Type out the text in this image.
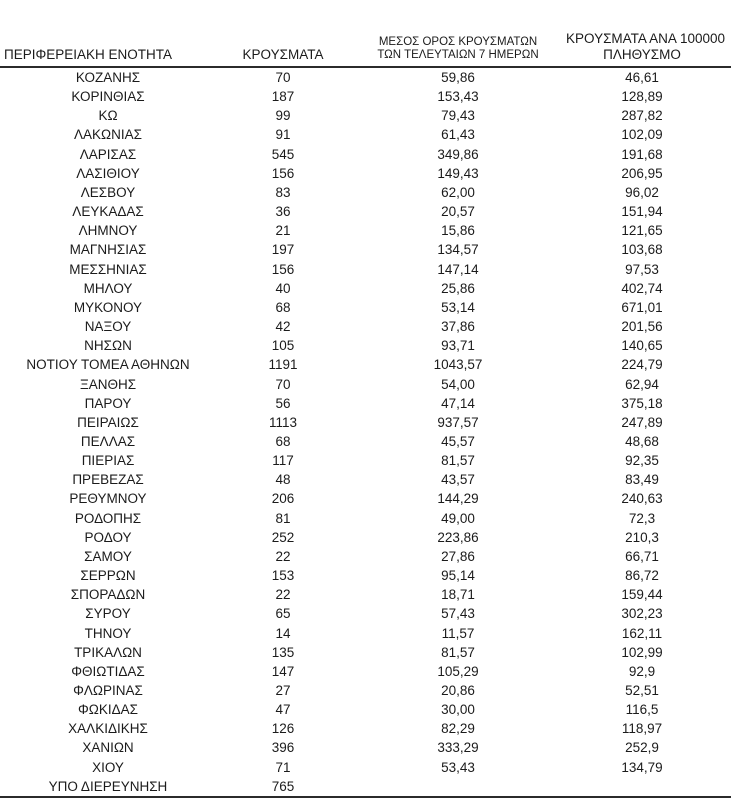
ΠΕΡΙΦΕΡΕΙΑΚΗ ΕΝΟΤΗΤΑ	ΚΡΟΥΣΜΑΤΑ	ΜΕΣΟΣ ΟΡΟΣ ΚΡΟΥΣΜΑΤΩΝ
ΤΩΝ ΤΕΛΕΥΤΑΙΩΝ 7 ΗΜΕΡΩΝ	ΚΡΟΥΣΜΑΤΑ ΑΝΑ 100000
ΠΛΗΘΥΣΜΟ

ΚΟΖΑΝΗΣ	70	59,86	46,61
ΚΟΡΙΝΘΙΑΣ	187	153,43	128,89
ΚΩ	99	79,43	287,82
ΛΑΚΩΝΙΑΣ	91	61,43	102,09
ΛΑΡΙΣΑΣ	545	349,86	191,68
ΛΑΣΙΘΙΟΥ	156	149,43	206,95
ΛΕΣΒΟΥ	83	62,00	96,02
ΛΕΥΚΑΔΑΣ	36	20,57	151,94
ΛΗΜΝΟΥ	21	15,86	121,65
ΜΑΓΝΗΣΙΑΣ	197	134,57	103,68
ΜΕΣΣΗΝΙΑΣ	156	147,14	97,53
ΜΗΛΟΥ	40	25,86	402,74
ΜΥΚΟΝΟΥ	68	53,14	671,01
ΝΑΞΟΥ	42	37,86	201,56
ΝΗΣΩΝ	105	93,71	140,65
ΝΟΤΙΟΥ ΤΟΜΕΑ ΑΘΗΝΩΝ	1191	1043,57	224,79
ΞΑΝΘΗΣ	70	54,00	62,94
ΠΑΡΟΥ	56	47,14	375,18
ΠΕΙΡΑΙΩΣ	1113	937,57	247,89
ΠΕΛΛΑΣ	68	45,57	48,68
ΠΙΕΡΙΑΣ	117	81,57	92,35
ΠΡΕΒΕΖΑΣ	48	43,57	83,49
ΡΕΘΥΜΝΟΥ	206	144,29	240,63
ΡΟΔΟΠΗΣ	81	49,00	72,3
ΡΟΔΟΥ	252	223,86	210,3
ΣΑΜΟΥ	22	27,86	66,71
ΣΕΡΡΩΝ	153	95,14	86,72
ΣΠΟΡΑΔΩΝ	22	18,71	159,44
ΣΥΡΟΥ	65	57,43	302,23
ΤΗΝΟΥ	14	11,57	162,11
ΤΡΙΚΑΛΩΝ	135	81,57	102,99
ΦΘΙΩΤΙΔΑΣ	147	105,29	92,9
ΦΛΩΡΙΝΑΣ	27	20,86	52,51
ΦΩΚΙΔΑΣ	47	30,00	116,5
ΧΑΛΚΙΔΙΚΗΣ	126	82,29	118,97
ΧΑΝΙΩΝ	396	333,29	252,9
ΧΙΟΥ	71	53,43	134,79
ΥΠΟ ΔΙΕΡΕΥΝΗΣΗ	765		
